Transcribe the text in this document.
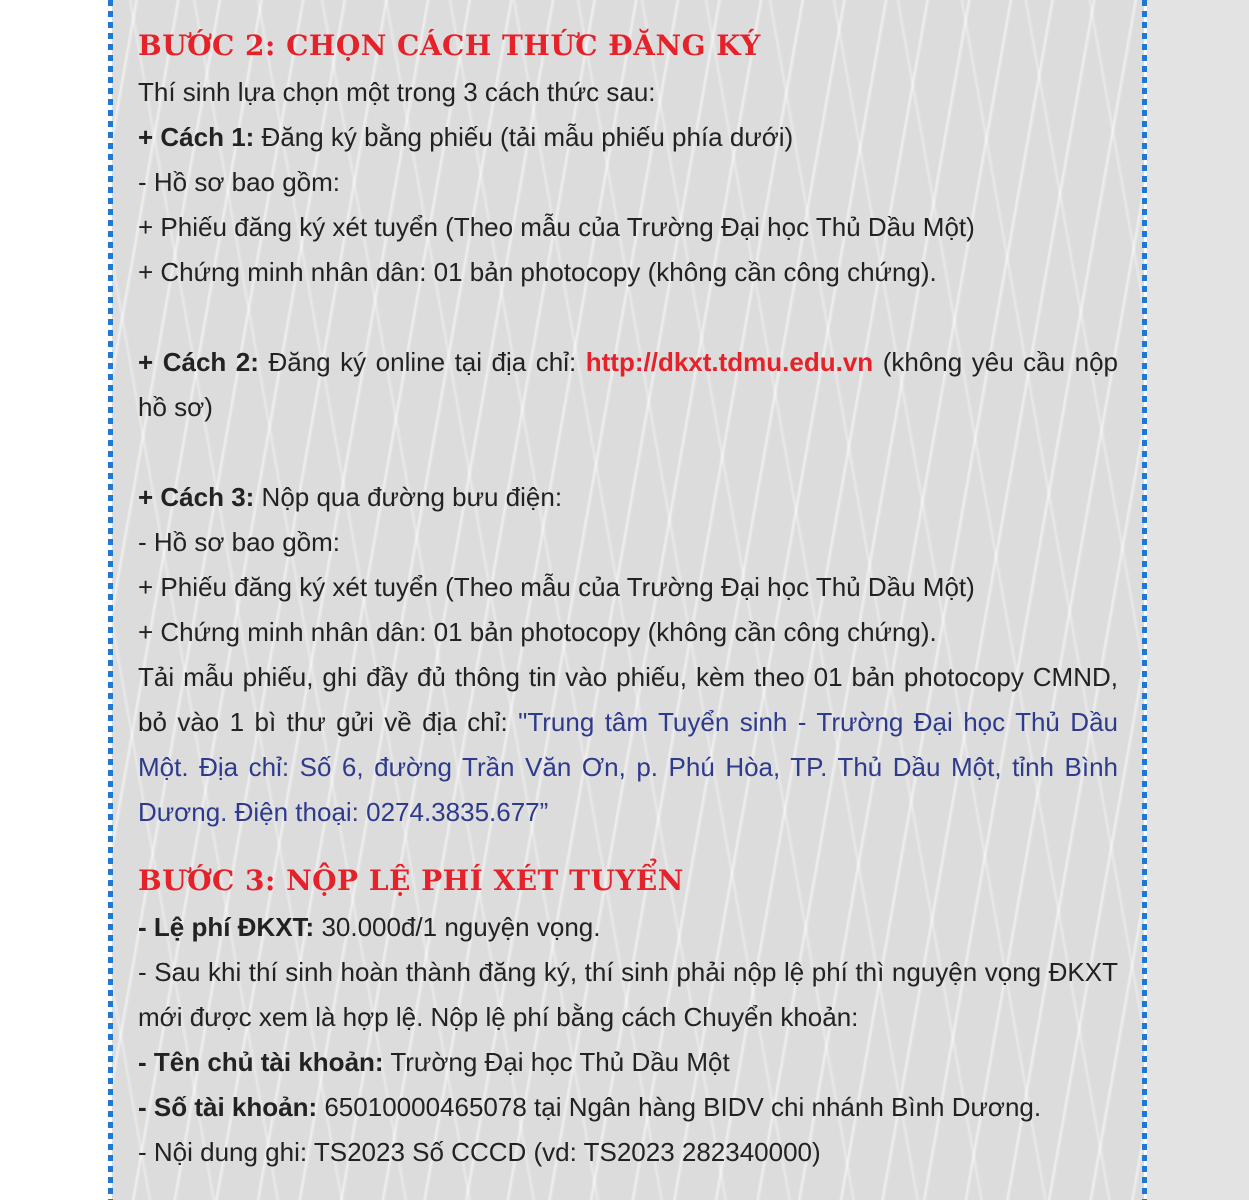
BƯỚC 2: CHỌN CÁCH THỨC ĐĂNG KÝ
Thí sinh lựa chọn một trong 3 cách thức sau:
+ Cách 1: Đăng ký bằng phiếu (tải mẫu phiếu phía dưới)
- Hồ sơ bao gồm:
+ Phiếu đăng ký xét tuyển (Theo mẫu của Trường Đại học Thủ Dầu Một)
+ Chứng minh nhân dân: 01 bản photocopy (không cần công chứng).
+ Cách 2: Đăng ký online tại địa chỉ: http://dkxt.tdmu.edu.vn (không yêu cầu nộp hồ sơ)
+ Cách 3: Nộp qua đường bưu điện:
- Hồ sơ bao gồm:
+ Phiếu đăng ký xét tuyển (Theo mẫu của Trường Đại học Thủ Dầu Một)
+ Chứng minh nhân dân: 01 bản photocopy (không cần công chứng).
Tải mẫu phiếu, ghi đầy đủ thông tin vào phiếu, kèm theo 01 bản photocopy CMND, bỏ vào 1 bì thư gửi về địa chỉ: "Trung tâm Tuyển sinh - Trường Đại học Thủ Dầu Một. Địa chỉ: Số 6, đường Trần Văn Ơn, p. Phú Hòa, TP. Thủ Dầu Một, tỉnh Bình Dương. Điện thoại: 0274.3835.677”
BƯỚC 3: NỘP LỆ PHÍ XÉT TUYỂN
- Lệ phí ĐKXT: 30.000đ/1 nguyện vọng.
- Sau khi thí sinh hoàn thành đăng ký, thí sinh phải nộp lệ phí thì nguyện vọng ĐKXT mới được xem là hợp lệ. Nộp lệ phí bằng cách Chuyển khoản:
- Tên chủ tài khoản: Trường Đại học Thủ Dầu Một
- Số tài khoản: 65010000465078 tại Ngân hàng BIDV chi nhánh Bình Dương.
- Nội dung ghi: TS2023 Số CCCD (vd: TS2023 282340000)
